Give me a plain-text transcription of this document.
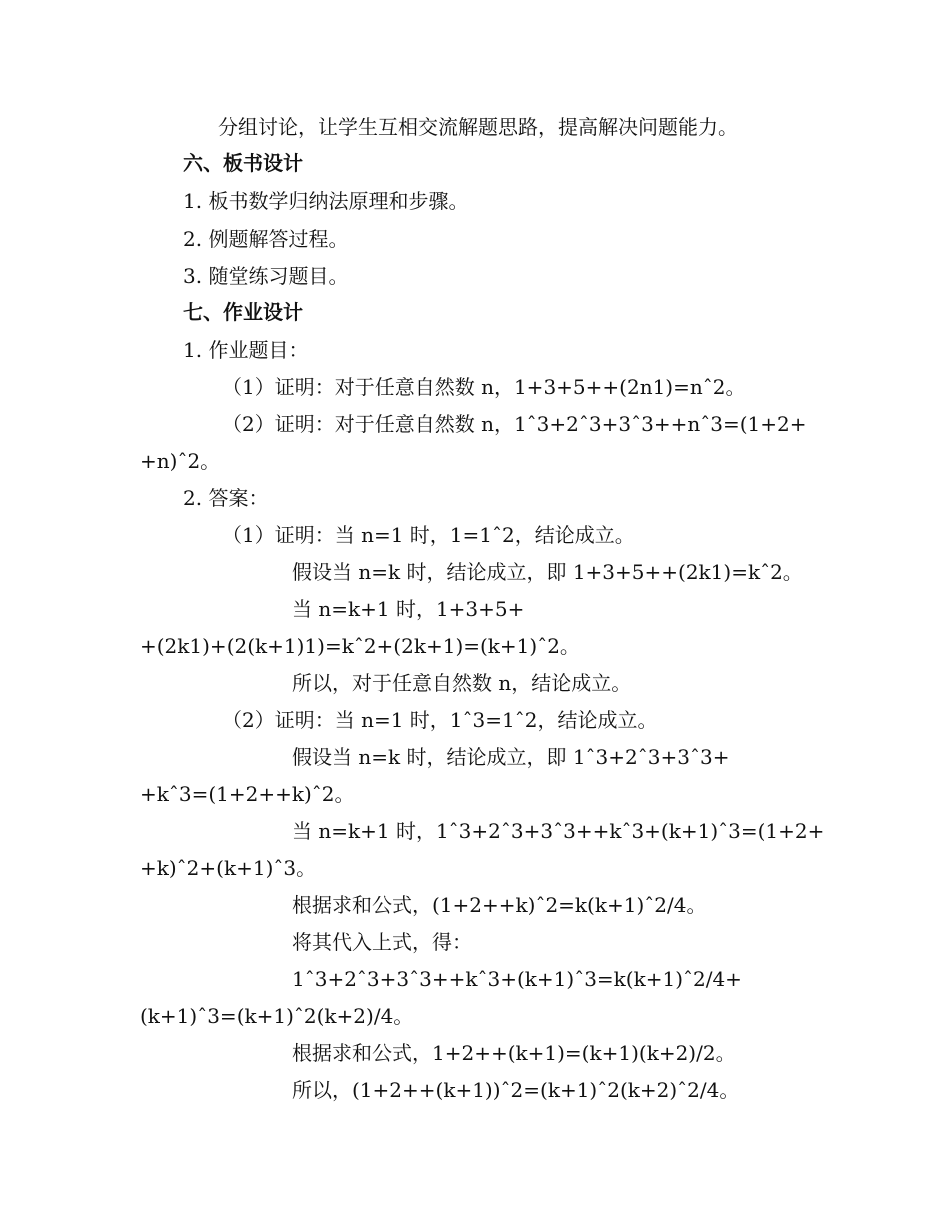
分组讨论，让学生互相交流解题思路，提高解决问题能力。
六、板书设计
1. 板书数学归纳法原理和步骤。
2. 例题解答过程。
3. 随堂练习题目。
七、作业设计
1. 作业题目：
（1）证明：对于任意自然数 n，1+3+5++(2n1)=nˆ2。
（2）证明：对于任意自然数 n，1ˆ3+2ˆ3+3ˆ3++nˆ3=(1+2+
+n)ˆ2。
2. 答案：
（1）证明：当 n=1 时，1=1ˆ2，结论成立。
假设当 n=k 时，结论成立，即 1+3+5++(2k1)=kˆ2。
当 n=k+1 时，1+3+5+
+(2k1)+(2(k+1)1)=kˆ2+(2k+1)=(k+1)ˆ2。
所以，对于任意自然数 n，结论成立。
（2）证明：当 n=1 时，1ˆ3=1ˆ2，结论成立。
假设当 n=k 时，结论成立，即 1ˆ3+2ˆ3+3ˆ3+
+kˆ3=(1+2++k)ˆ2。
当 n=k+1 时，1ˆ3+2ˆ3+3ˆ3++kˆ3+(k+1)ˆ3=(1+2+
+k)ˆ2+(k+1)ˆ3。
根据求和公式，(1+2++k)ˆ2=k(k+1)ˆ2/4。
将其代入上式，得：
1ˆ3+2ˆ3+3ˆ3++kˆ3+(k+1)ˆ3=k(k+1)ˆ2/4+
(k+1)ˆ3=(k+1)ˆ2(k+2)/4。
根据求和公式，1+2++(k+1)=(k+1)(k+2)/2。
所以，(1+2++(k+1))ˆ2=(k+1)ˆ2(k+2)ˆ2/4。
